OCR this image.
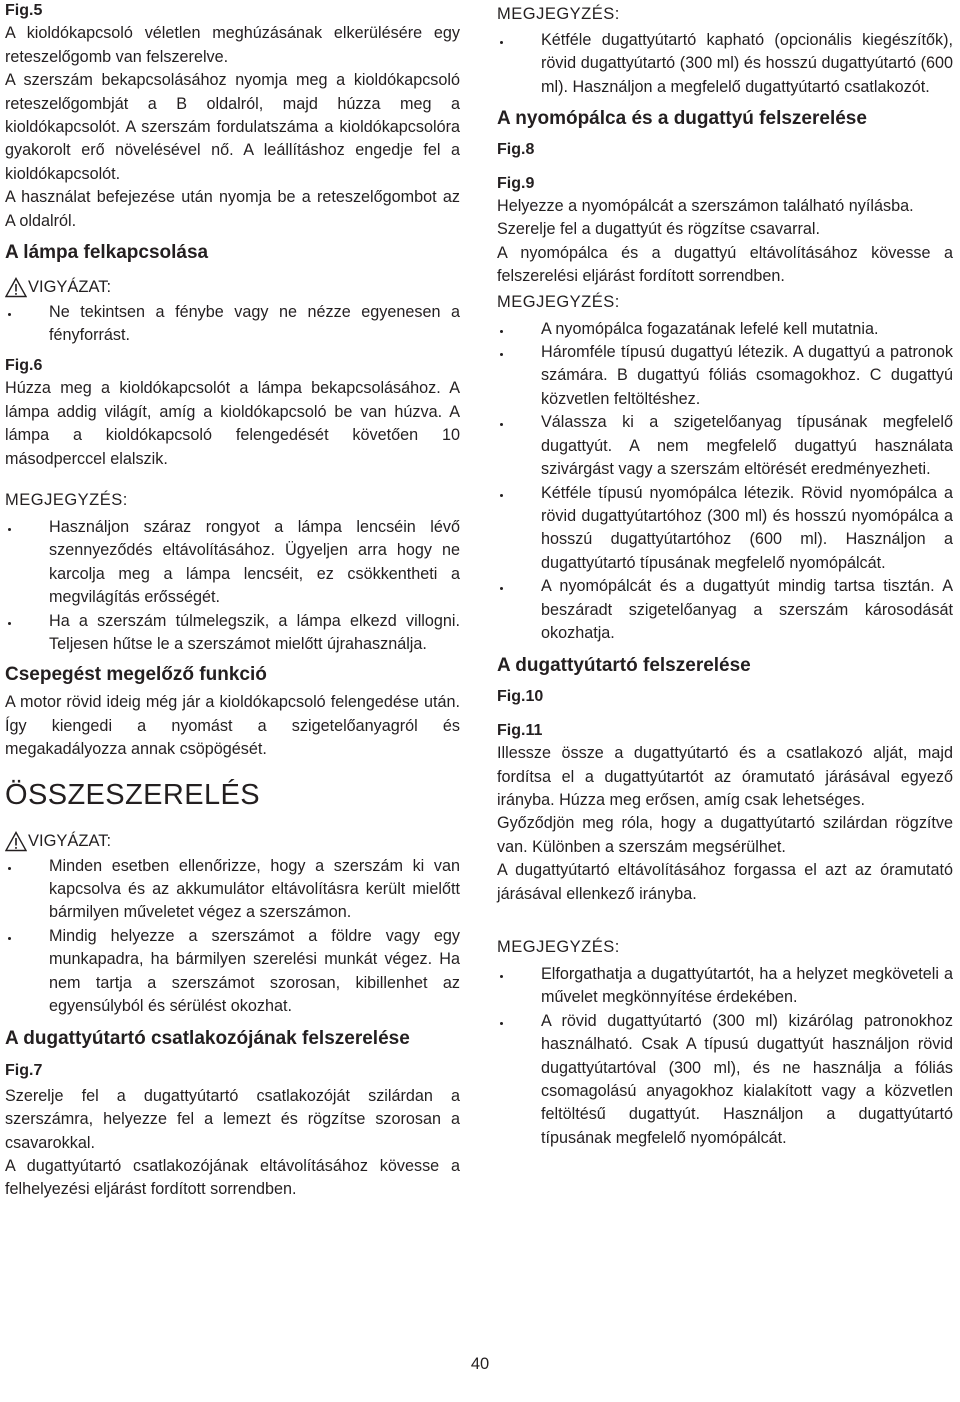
Fig.5

A kioldókapcsoló véletlen meghúzásának elkerülésére egy reteszelőgomb van felszerelve.

A szerszám bekapcsolásához nyomja meg a kioldókapcsoló reteszelőgombját a B oldalról, majd húzza meg a kioldókapcsolót. A szerszám fordulatszáma a kioldókapcsolóra gyakorolt erő növelésével nő. A leállításhoz engedje fel a kioldókapcsolót.

A használat befejezése után nyomja be a reteszelőgombot az A oldalról.

A lámpa felkapcsolása
VIGYÁZAT:
Ne tekintsen a fénybe vagy ne nézze egyenesen a fényforrást.

Fig.6

Húzza meg a kioldókapcsolót a lámpa bekapcsolásához. A lámpa addig világít, amíg a kioldókapcsoló be van húzva. A lámpa a kioldókapcsoló felengedését követően 10 másodperccel elalszik.

MEGJEGYZÉS:

Használjon száraz rongyot a lámpa lencséin lévő szennyeződés eltávolításához. Ügyeljen arra hogy ne karcolja meg a lámpa lencséit, ez csökkentheti a megvilágítás erősségét.
Ha a szerszám túlmelegszik, a lámpa elkezd villogni. Teljesen hűtse le a szerszámot mielőtt újrahasználja.
Csepegést megelőző funkció

A motor rövid ideig még jár a kioldókapcsoló felengedése után. Így kiengedi a nyomást a szigetelőanyagról és megakadályozza annak csöpögését.

ÖSSZESZERELÉS
VIGYÁZAT:
Minden esetben ellenőrizze, hogy a szerszám ki van kapcsolva és az akkumulátor eltávolításra került mielőtt bármilyen műveletet végez a szerszámon.
Mindig helyezze a szerszámot a földre vagy egy munkapadra, ha bármilyen szerelési munkát végez. Ha nem tartja a szerszámot szorosan, kibillenhet az egyensúlyból és sérülést okozhat.
A dugattyútartó csatlakozójának felszerelése

Fig.7

Szerelje fel a dugattyútartó csatlakozóját szilárdan a szerszámra, helyezze fel a lemezt és rögzítse szorosan a csavarokkal.

A dugattyútartó csatlakozójának eltávolításához kövesse a felhelyezési eljárást fordított sorrendben.

MEGJEGYZÉS:

Kétféle dugattyútartó kapható (opcionális kiegészítők), rövid dugattyútartó (300 ml) és hosszú dugattyútartó (600 ml). Használjon a megfelelő dugattyútartó csatlakozót.
A nyomópálca és a dugattyú felszerelése

Fig.8

Fig.9

Helyezze a nyomópálcát a szerszámon található nyílásba.

Szerelje fel a dugattyút és rögzítse csavarral.

A nyomópálca és a dugattyú eltávolításához kövesse a felszerelési eljárást fordított sorrendben.

MEGJEGYZÉS:

A nyomópálca fogazatának lefelé kell mutatnia.
Háromféle típusú dugattyú létezik. A dugattyú a patronok számára. B dugattyú fóliás csomagokhoz. C dugattyú közvetlen feltöltéshez.
Válassza ki a szigetelőanyag típusának megfelelő dugattyút. A nem megfelelő dugattyú használata szivárgást vagy a szerszám eltörését eredményezheti.
Kétféle típusú nyomópálca létezik. Rövid nyomópálca a rövid dugattyútartóhoz (300 ml) és hosszú nyomópálca a hosszú dugattyútartóhoz (600 ml). Használjon a dugattyútartó típusának megfelelő nyomópálcát.
A nyomópálcát és a dugattyút mindig tartsa tisztán. A beszáradt szigetelőanyag a szerszám károsodását okozhatja.
A dugattyútartó felszerelése

Fig.10

Fig.11

Illessze össze a dugattyútartó és a csatlakozó alját, majd fordítsa el a dugattyútartót az óramutató járásával egyező irányba. Húzza meg erősen, amíg csak lehetséges.

Győződjön meg róla, hogy a dugattyútartó szilárdan rögzítve van. Különben a szerszám megsérülhet.

A dugattyútartó eltávolításához forgassa el azt az óramutató járásával ellenkező irányba.

MEGJEGYZÉS:

Elforgathatja a dugattyútartót, ha a helyzet megköveteli a művelet megkönnyítése érdekében.
A rövid dugattyútartó (300 ml) kizárólag patronokhoz használható. Csak A típusú dugattyút használjon rövid dugattyútartóval (300 ml), és ne használja a fóliás csomagolású anyagokhoz kialakított vagy a közvetlen feltöltésű dugattyút. Használjon a dugattyútartó típusának megfelelő nyomópálcát.
40
